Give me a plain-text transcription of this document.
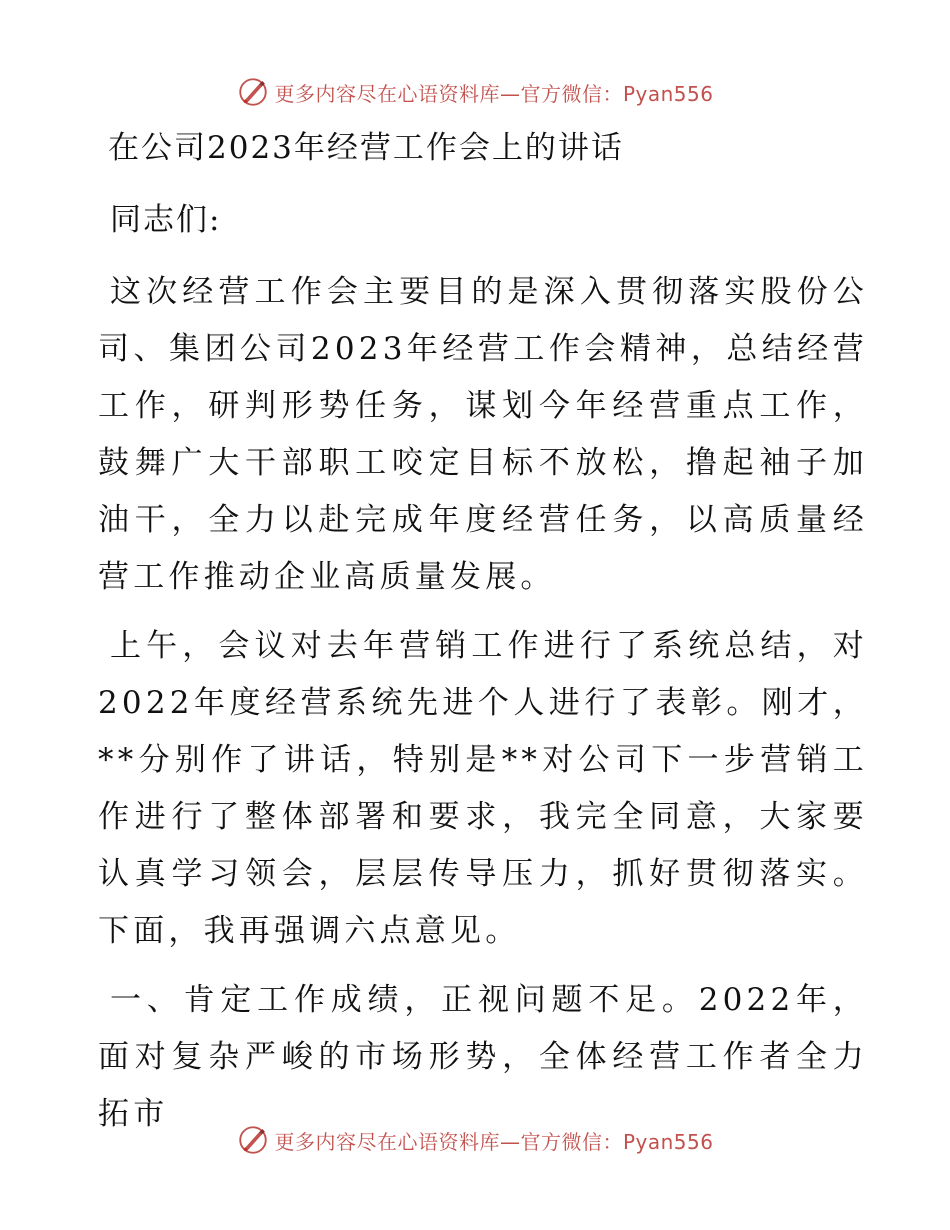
更多内容尽在心语资料库—官方微信：Pyan556
在公司2023年经营工作会上的讲话
同志们:

这次经营工作会主要目的是深入贯彻落实股份公司、集团公司2023年经营工作会精神，总结经营工作，研判形势任务，谋划今年经营重点工作，鼓舞广大干部职工咬定目标不放松，撸起袖子加油干，全力以赴完成年度经营任务，以高质量经营工作推动企业高质量发展。

上午，会议对去年营销工作进行了系统总结，对2022年度经营系统先进个人进行了表彰。刚才，**分别作了讲话，特别是**对公司下一步营销工作进行了整体部署和要求，我完全同意，大家要认真学习领会，层层传导压力，抓好贯彻落实。下面，我再强调六点意见。

一、肯定工作成绩，正视问题不足。2022年，面对复杂严峻的市场形势，全体经营工作者全力拓市

更多内容尽在心语资料库—官方微信：Pyan556
